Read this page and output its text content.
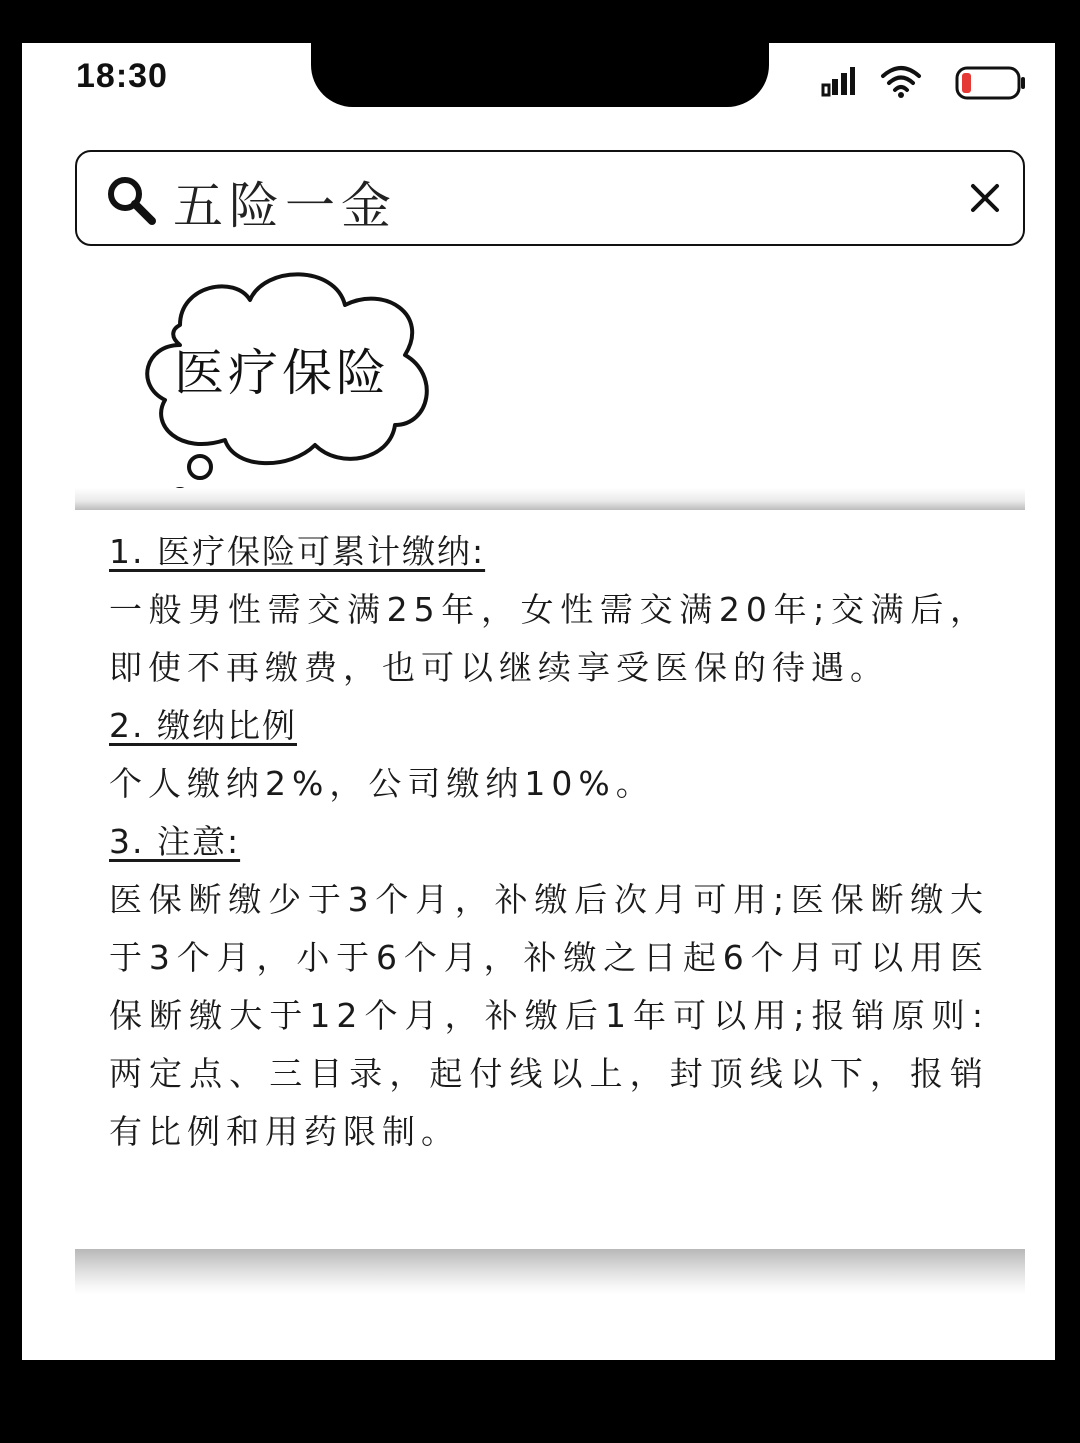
18:30
五险一金
医疗保险
1. 医疗保险可累计缴纳:
一般男性需交满25年，女性需交满20年;交满后，即使不再缴费，也可以继续享受医保的待遇。
2. 缴纳比例
个人缴纳2%，公司缴纳10%。
3. 注意:
医保断缴少于3个月，补缴后次月可用;医保断缴大于3个月，小于6个月，补缴之日起6个月可以用医保断缴大于12个月，补缴后1年可以用;报销原则:两定点、三目录，起付线以上，封顶线以下，报销有比例和用药限制。
